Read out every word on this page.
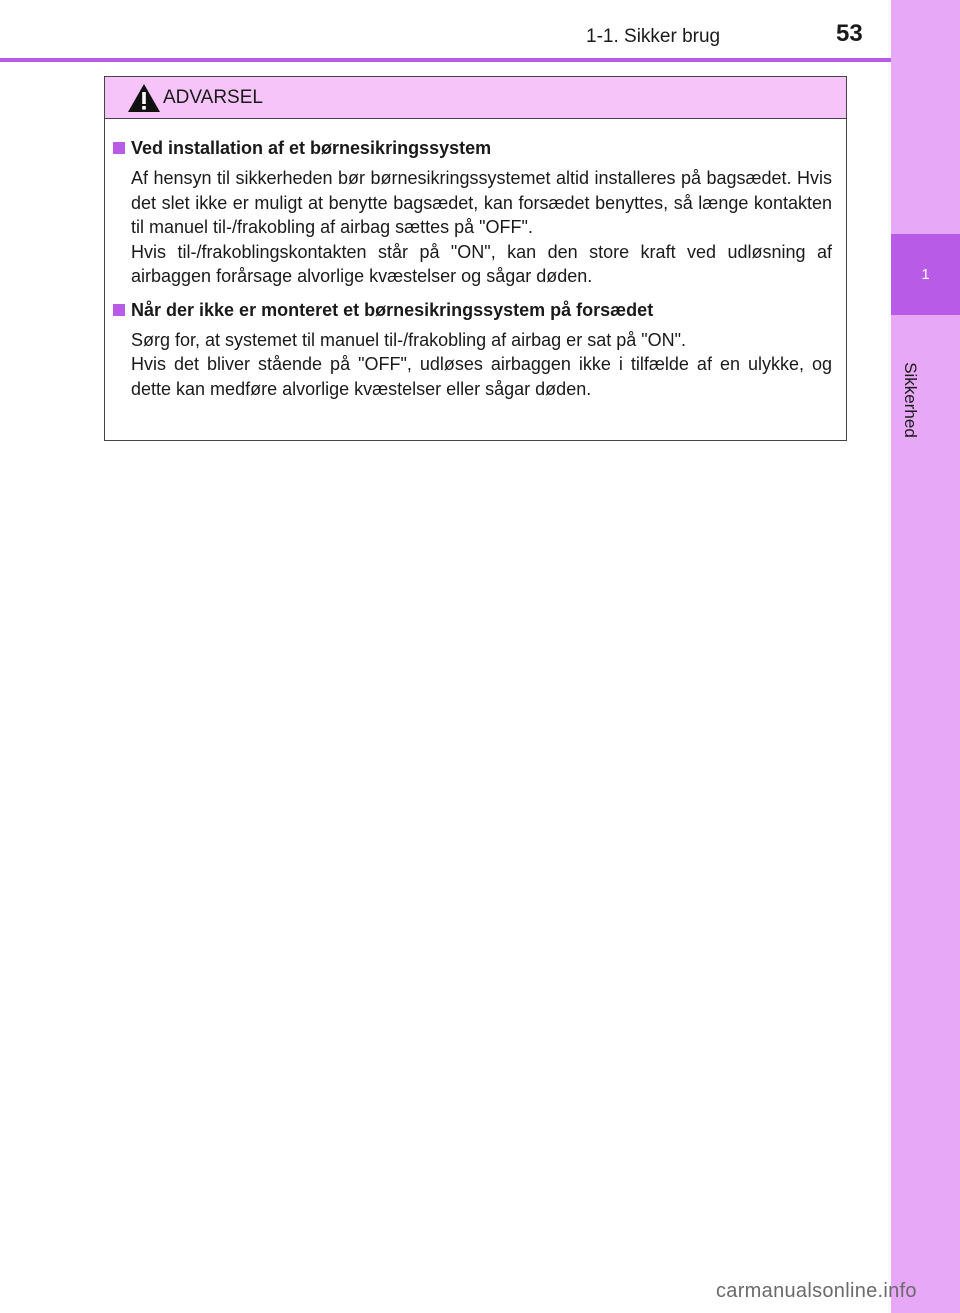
1
Sikkerhed
1-1. Sikker brug	53
ADVARSEL
Ved installation af et børnesikringssystem

Af hensyn til sikkerheden bør børnesikringssystemet altid installeres på bagsædet. Hvis det slet ikke er muligt at benytte bagsædet, kan forsædet benyttes, så længe kontakten til manuel til-/frakobling af airbag sættes på "OFF".

Hvis til-/frakoblingskontakten står på "ON", kan den store kraft ved udløsning af airbaggen forårsage alvorlige kvæstelser og sågar døden.

Når der ikke er monteret et børnesikringssystem på forsædet

Sørg for, at systemet til manuel til-/frakobling af airbag er sat på "ON".

Hvis det bliver stående på "OFF", udløses airbaggen ikke i tilfælde af en ulykke, og dette kan medføre alvorlige kvæstelser eller sågar døden.

carmanualsonline.info
